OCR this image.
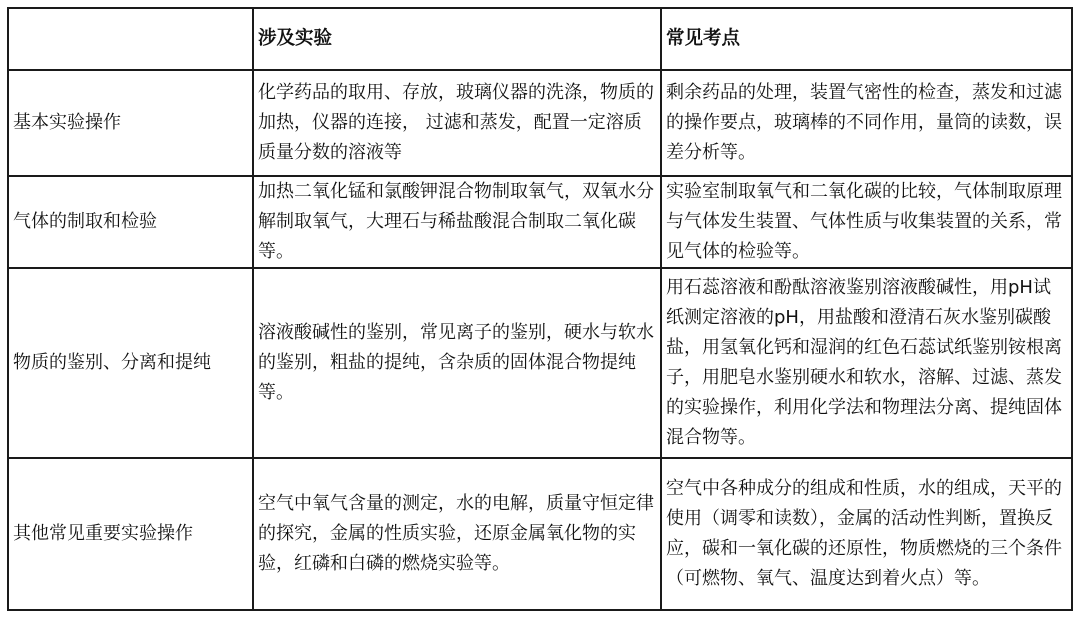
	涉及实验	常见考点
基本实验操作	化学药品的取用、存放，玻璃仪器的洗涤，物质的加热，仪器的连接， 过滤和蒸发，配置一定溶质质量分数的溶液等	剩余药品的处理，装置气密性的检查，蒸发和过滤的操作要点，玻璃棒的不同作用，量筒的读数，误差分析等。
气体的制取和检验	加热二氧化锰和氯酸钾混合物制取氧气，双氧水分解制取氧气，大理石与稀盐酸混合制取二氧化碳等。	实验室制取氧气和二氧化碳的比较，气体制取原理与气体发生装置、气体性质与收集装置的关系，常见气体的检验等。
物质的鉴别、分离和提纯	溶液酸碱性的鉴别，常见离子的鉴别，硬水与软水的鉴别，粗盐的提纯，含杂质的固体混合物提纯等。	用石蕊溶液和酚酞溶液鉴别溶液酸碱性，用pH试纸测定溶液的pH，用盐酸和澄清石灰水鉴别碳酸盐，用氢氧化钙和湿润的红色石蕊试纸鉴别铵根离子，用肥皂水鉴别硬水和软水，溶解、过滤、蒸发的实验操作，利用化学法和物理法分离、提纯固体混合物等。
其他常见重要实验操作	空气中氧气含量的测定，水的电解，质量守恒定律的探究，金属的性质实验，还原金属氧化物的实验，红磷和白磷的燃烧实验等。	空气中各种成分的组成和性质，水的组成，天平的使用（调零和读数），金属的活动性判断，置换反应，碳和一氧化碳的还原性，物质燃烧的三个条件（可燃物、氧气、温度达到着火点）等。
